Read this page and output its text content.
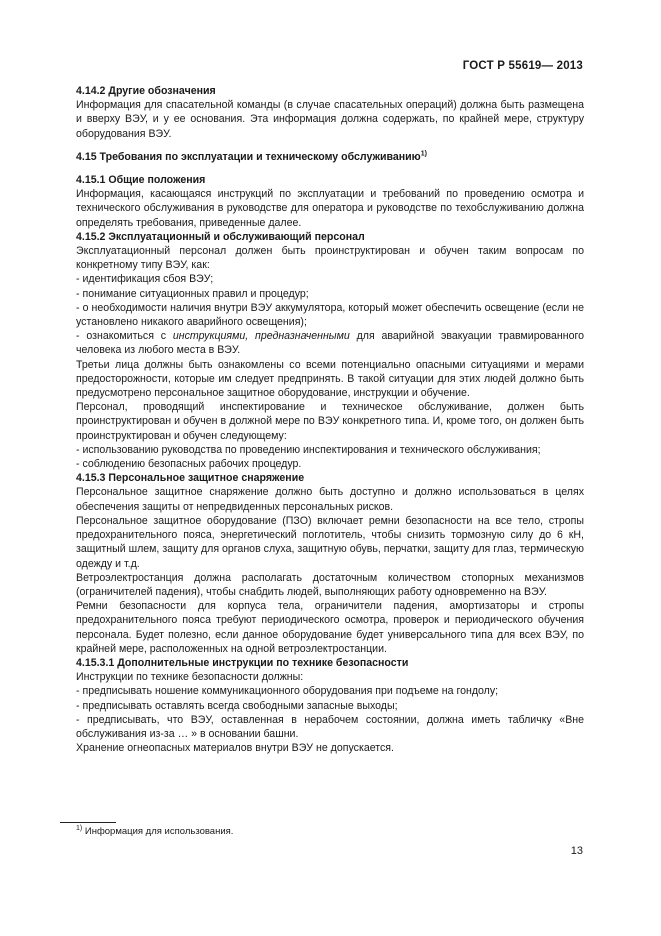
ГОСТ Р 55619— 2013

4.14.2 Другие обозначения

Информация для спасательной команды (в случае спасательных операций) должна быть размещена и вверху ВЭУ, и у ее основания. Эта информация должна содержать, по крайней мере, структуру оборудования ВЭУ.

4.15 Требования по эксплуатации и техническому обслуживанию$^{1)}$

4.15.1 Общие положения

Информация, касающаяся инструкций по эксплуатации и требований по проведению осмотра и технического обслуживания в руководстве для оператора и руководстве по техобслуживанию должна определять требования, приведенные далее.

4.15.2 Эксплуатационный и обслуживающий персонал

Эксплуатационный персонал должен быть проинструктирован и обучен таким вопросам по конкретному типу ВЭУ, как:

- идентификация сбоя ВЭУ;

- понимание ситуационных правил и процедур;

- о необходимости наличия внутри ВЭУ аккумулятора, который может обеспечить освещение (если не установлено никакого аварийного освещения);

- ознакомиться с инструкциями, предназначенными для аварийной эвакуации травмированного человека из любого места в ВЭУ.

Третьи лица должны быть ознакомлены со всеми потенциально опасными ситуациями и мерами предосторожности, которые им следует предпринять. В такой ситуации для этих людей должно быть предусмотрено персональное защитное оборудование, инструкции и обучение.

Персонал, проводящий инспектирование и техническое обслуживание, должен быть проинструктирован и обучен в должной мере по ВЭУ конкретного типа. И, кроме того, он должен быть проинструктирован и обучен следующему:

- использованию руководства по проведению инспектирования и технического обслуживания;

- соблюдению безопасных рабочих процедур.

4.15.3 Персональное защитное снаряжение

Персональное защитное снаряжение должно быть доступно и должно использоваться в целях обеспечения защиты от непредвиденных персональных рисков.

Персональное защитное оборудование (ПЗО) включает ремни безопасности на все тело, стропы предохранительного пояса, энергетический поглотитель, чтобы снизить тормозную силу до 6 кН, защитный шлем, защиту для органов слуха, защитную обувь, перчатки, защиту для глаз, термическую одежду и т.д.

Ветроэлектростанция должна располагать достаточным количеством стопорных механизмов (ограничителей падения), чтобы снабдить людей, выполняющих работу одновременно на ВЭУ.

Ремни безопасности для корпуса тела, ограничители падения, амортизаторы и стропы предохранительного пояса требуют периодического осмотра, проверок и периодического обучения персонала. Будет полезно, если данное оборудование будет универсального типа для всех ВЭУ, по крайней мере, расположенных на одной ветроэлектростанции.

4.15.3.1 Дополнительные инструкции по технике безопасности

Инструкции по технике безопасности должны:

- предписывать ношение коммуникационного оборудования при подъеме на гондолу;

- предписывать оставлять всегда свободными запасные выходы;

- предписывать, что ВЭУ, оставленная в нерабочем состоянии, должна иметь табличку «Вне обслуживания из-за … » в основании башни.

Хранение огнеопасных материалов внутри ВЭУ не допускается.

$^{1)}$ Информация для использования.
13
